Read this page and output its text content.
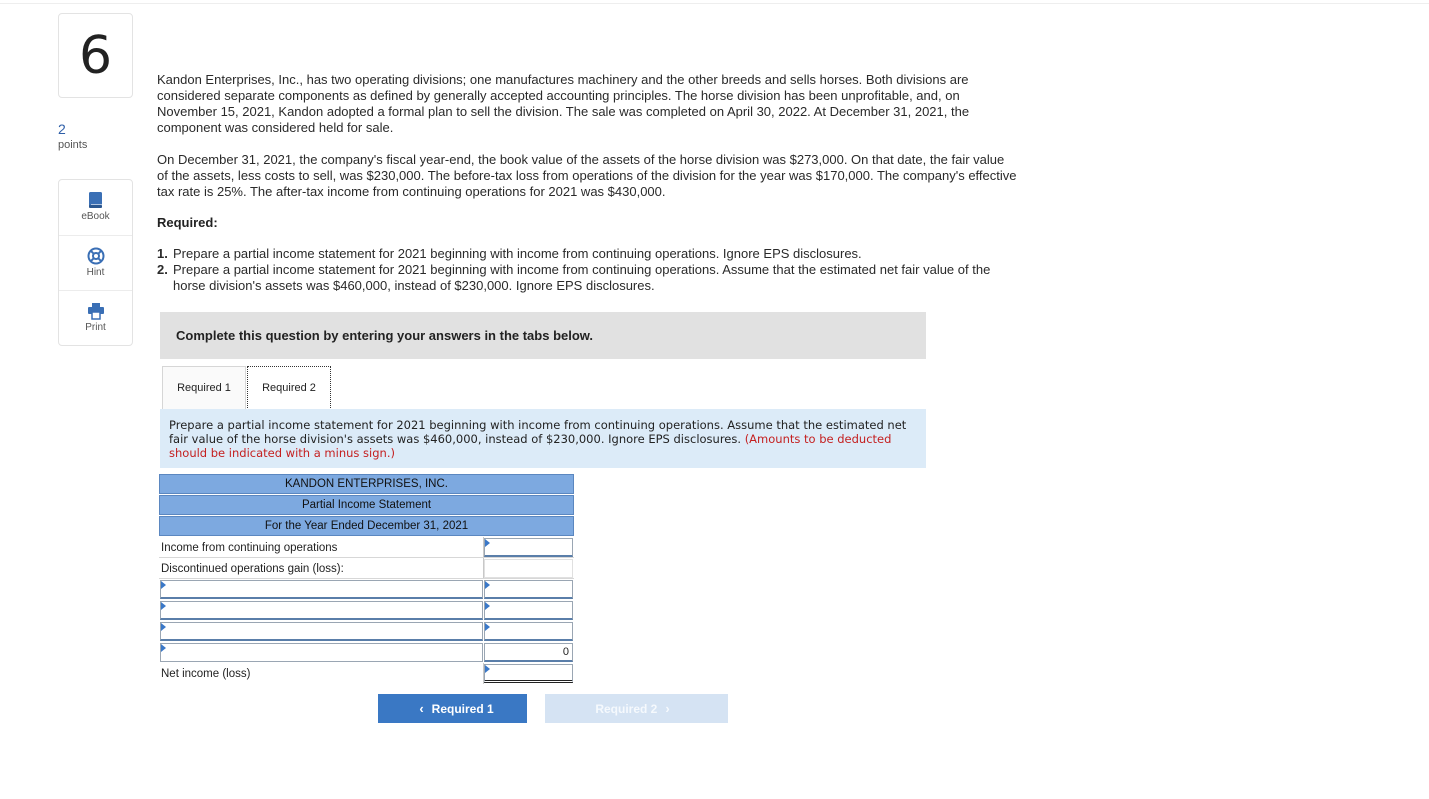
6
2
points
eBook
Hint
Print
Kandon Enterprises, Inc., has two operating divisions; one manufactures machinery and the other breeds and sells horses. Both divisions are considered separate components as defined by generally accepted accounting principles. The horse division has been unprofitable, and, on November 15, 2021, Kandon adopted a formal plan to sell the division. The sale was completed on April 30, 2022. At December 31, 2021, the component was considered held for sale.
On December 31, 2021, the company's fiscal year-end, the book value of the assets of the horse division was $273,000. On that date, the fair value of the assets, less costs to sell, was $230,000. The before-tax loss from operations of the division for the year was $170,000. The company's effective tax rate is 25%. The after-tax income from continuing operations for 2021 was $430,000.
Required:
1. Prepare a partial income statement for 2021 beginning with income from continuing operations. Ignore EPS disclosures.
2. Prepare a partial income statement for 2021 beginning with income from continuing operations. Assume that the estimated net fair value of the horse division's assets was $460,000, instead of $230,000. Ignore EPS disclosures.
Complete this question by entering your answers in the tabs below.
Required 1	Required 2
Prepare a partial income statement for 2021 beginning with income from continuing operations. Assume that the estimated net fair value of the horse division's assets was $460,000, instead of $230,000. Ignore EPS disclosures. (Amounts to be deducted should be indicated with a minus sign.)
KANDON ENTERPRISES, INC.
Partial Income Statement
For the Year Ended December 31, 2021
Income from continuing operations
Discontinued operations gain (loss):
0
Net income (loss)
‹ Required 1	Required 2 ›
